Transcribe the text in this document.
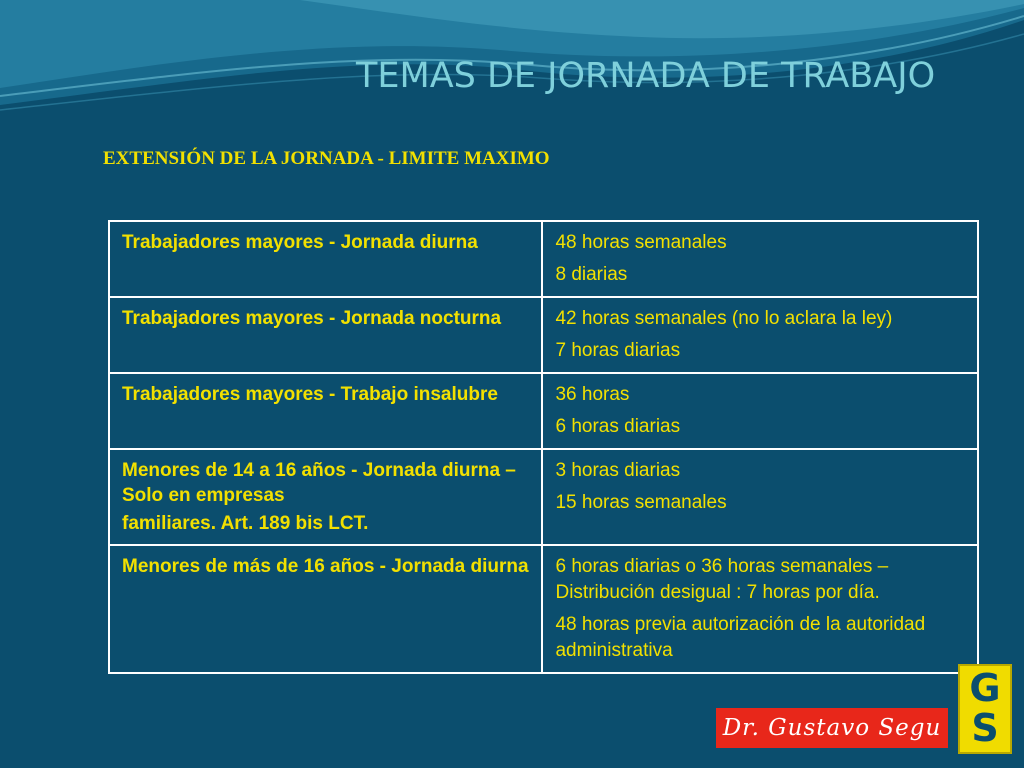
TEMAS DE JORNADA DE TRABAJO
EXTENSIÓN DE LA JORNADA - LIMITE MAXIMO
Trabajadores mayores - Jornada diurna	48 horas semanales
8 diarias

Trabajadores mayores - Jornada nocturna	42 horas semanales (no lo aclara la ley)
7 horas diarias

Trabajadores mayores - Trabajo insalubre	36 horas
6 horas diarias

Menores de 14 a 16 años - Jornada diurna – Solo en empresas
familiares. Art. 189 bis LCT.	3 horas diarias
15 horas semanales

Menores de más de 16 años - Jornada diurna	6 horas diarias o 36 horas semanales – Distribución desigual : 7 horas por día.
48 horas previa autorización de la autoridad administrativa
Dr. Gustavo Segu
G
S
